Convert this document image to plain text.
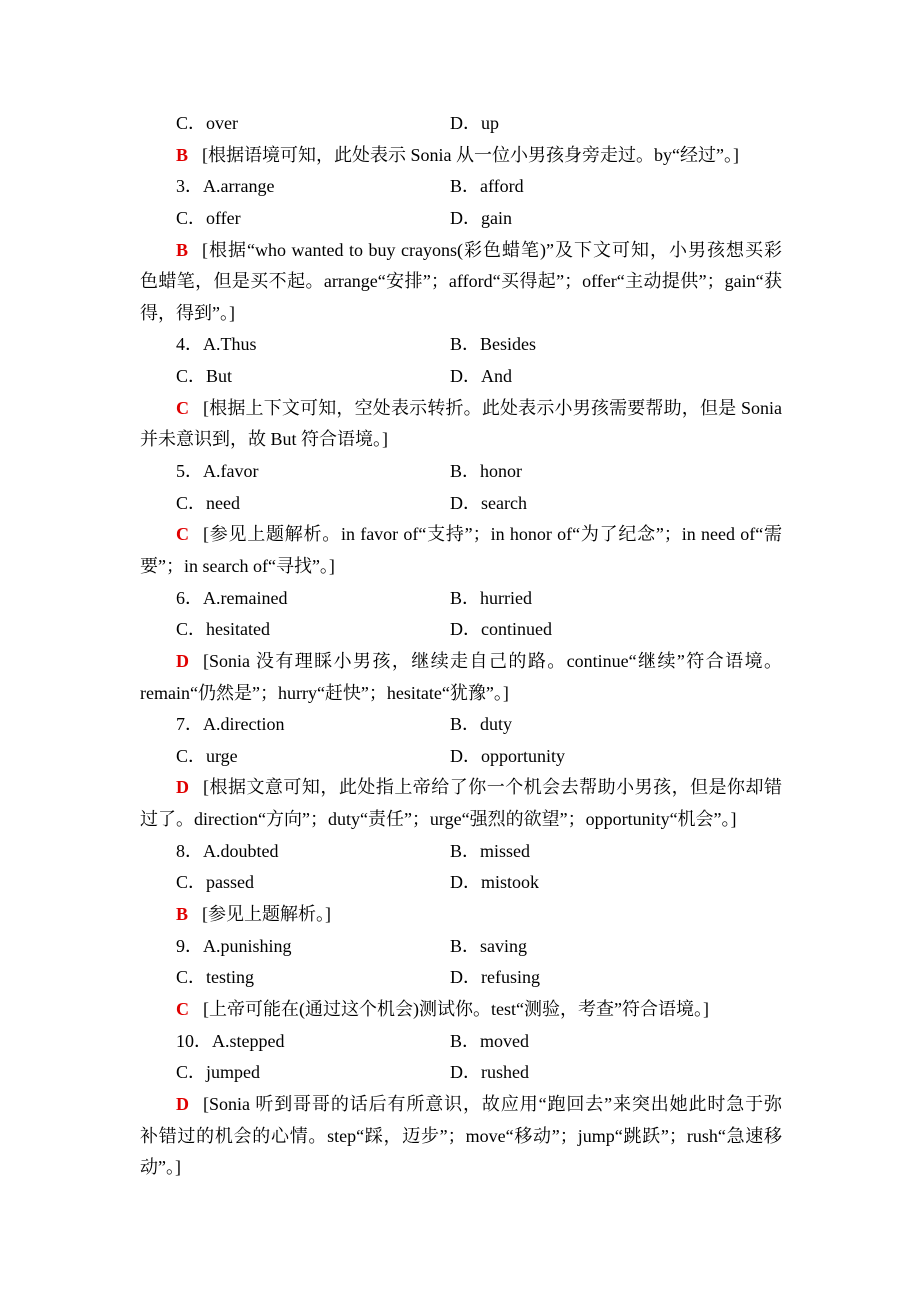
C．over	D．up
B [根据语境可知，此处表示 Sonia 从一位小男孩身旁走过。by“经过”。]
3．A.arrange	B．afford
C．offer	D．gain
B [根据“who wanted to buy crayons(彩色蜡笔)”及下文可知，小男孩想买彩
色蜡笔，但是买不起。arrange“安排”；afford“买得起”；offer“主动提供”；gain“获
得，得到”。]
4．A.Thus	B．Besides
C．But	D．And
C [根据上下文可知，空处表示转折。此处表示小男孩需要帮助，但是 Sonia
并未意识到，故 But 符合语境。]
5．A.favor	B．honor
C．need	D．search
C [参见上题解析。in favor of“支持”；in honor of“为了纪念”；in need of“需
要”；in search of“寻找”。]
6．A.remained	B．hurried
C．hesitated	D．continued
D [Sonia 没有理睬小男孩，继续走自己的路。continue“继续”符合语境。
remain“仍然是”；hurry“赶快”；hesitate“犹豫”。]
7．A.direction	B．duty
C．urge	D．opportunity
D [根据文意可知，此处指上帝给了你一个机会去帮助小男孩，但是你却错
过了。direction“方向”；duty“责任”；urge“强烈的欲望”；opportunity“机会”。]
8．A.doubted	B．missed
C．passed	D．mistook
B [参见上题解析。]
9．A.punishing	B．saving
C．testing	D．refusing
C [上帝可能在(通过这个机会)测试你。test“测验，考查”符合语境。]
10．A.stepped	B．moved
C．jumped	D．rushed
D [Sonia 听到哥哥的话后有所意识，故应用“跑回去”来突出她此时急于弥
补错过的机会的心情。step“踩，迈步”；move“移动”；jump“跳跃”；rush“急速移
动”。]
